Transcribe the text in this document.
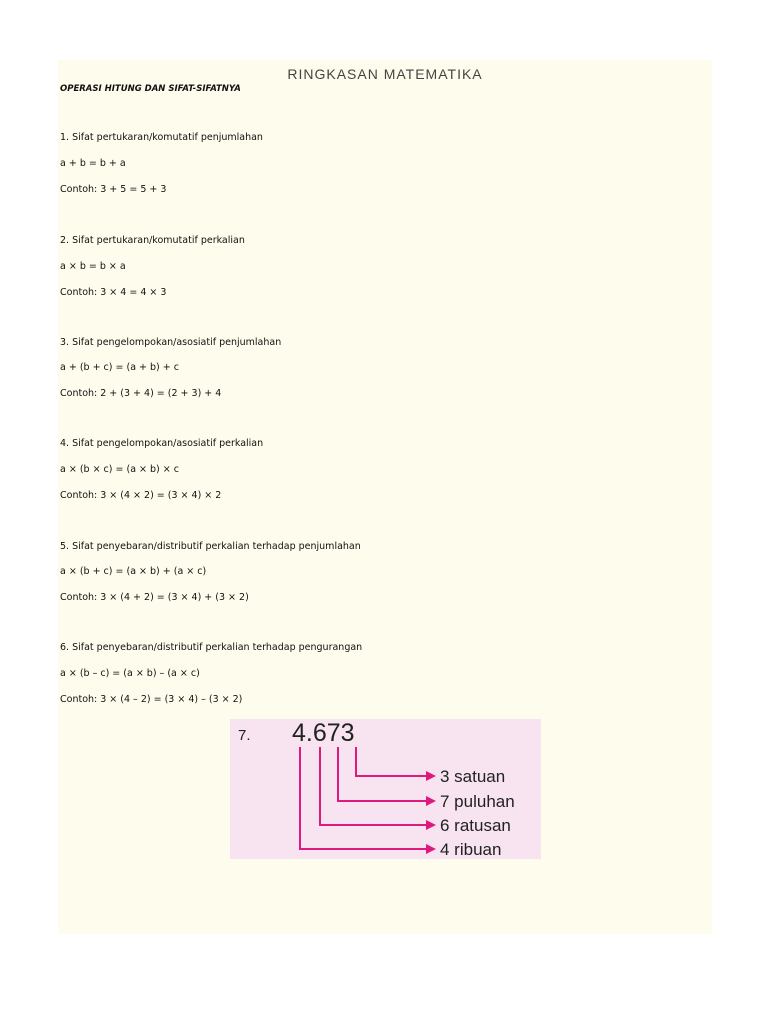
RINGKASAN MATEMATIKA
OPERASI HITUNG DAN SIFAT-SIFATNYA
1. Sifat pertukaran/komutatif penjumlahan
a + b = b + a
Contoh: 3 + 5 = 5 + 3
2. Sifat pertukaran/komutatif perkalian
a × b = b × a
Contoh: 3 × 4 = 4 × 3
3. Sifat pengelompokan/asosiatif penjumlahan
a + (b + c) = (a + b) + c
Contoh: 2 + (3 + 4) = (2 + 3) + 4
4. Sifat pengelompokan/asosiatif perkalian
a × (b × c) = (a × b) × c
Contoh: 3 × (4 × 2) = (3 × 4) × 2
5. Sifat penyebaran/distributif perkalian terhadap penjumlahan
a × (b + c) = (a × b) + (a × c)
Contoh: 3 × (4 + 2) = (3 × 4) + (3 × 2)
6. Sifat penyebaran/distributif perkalian terhadap pengurangan
a × (b – c) = (a × b) – (a × c)
Contoh: 3 × (4 – 2) = (3 × 4) – (3 × 2)
7. 4.673
3 satuan
7 puluhan
6 ratusan
4 ribuan
